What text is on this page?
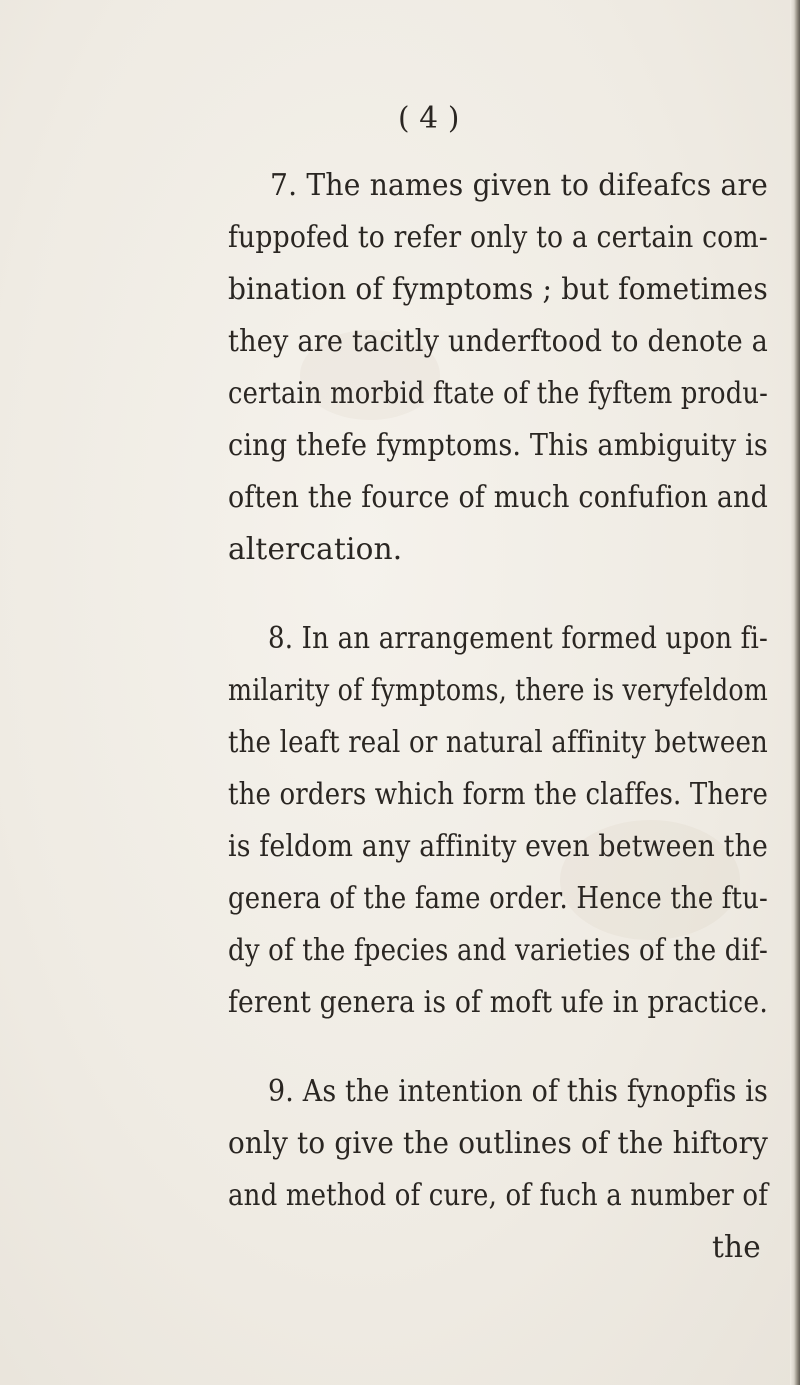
( 4 )
7. The names given to difeafcs are
fuppofed to refer only to a certain com-
bination of fymptoms ; but fometimes
they are tacitly underftood to denote a
certain morbid ftate of the fyftem produ-
cing thefe fymptoms. This ambiguity is
often the fource of much confufion and
altercation.
8. In an arrangement formed upon fi-
milarity of fymptoms, there is veryfeldom
the leaft real or natural affinity between
the orders which form the claffes. There
is feldom any affinity even between the
genera of the fame order. Hence the ftu-
dy of the fpecies and varieties of the dif-
ferent genera is of moft ufe in practice.
9. As the intention of this fynopfis is
only to give the outlines of the hiftory
and method of cure, of fuch a number of
the
